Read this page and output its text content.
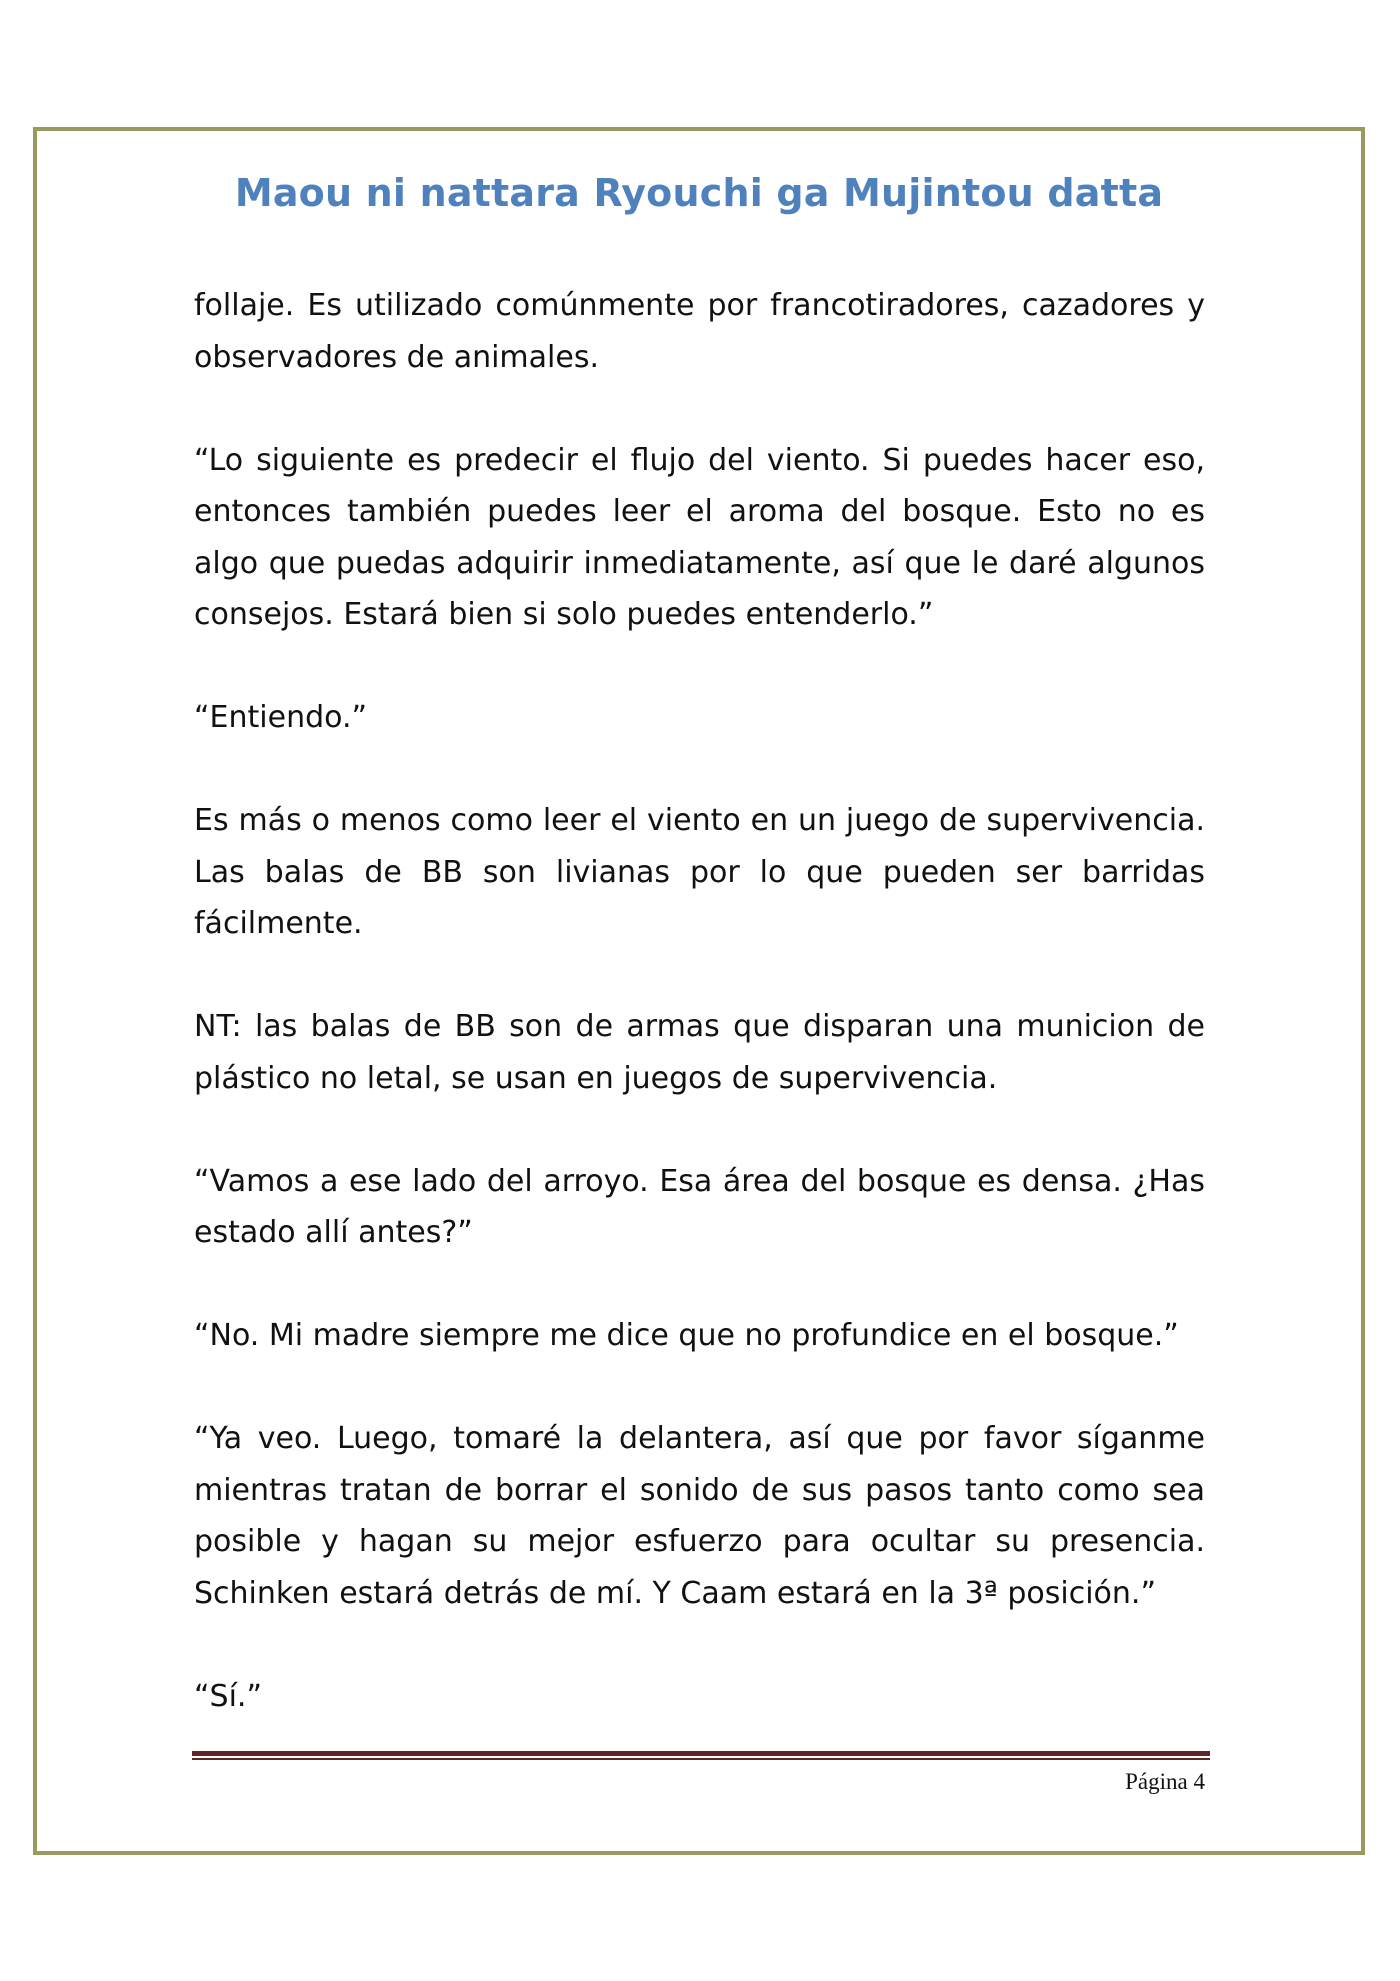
Maou ni nattara Ryouchi ga Mujintou datta

follaje. Es utilizado comúnmente por francotiradores, cazadores y observadores de animales.

“Lo siguiente es predecir el flujo del viento. Si puedes hacer eso, entonces también puedes leer el aroma del bosque. Esto no es algo que puedas adquirir inmediatamente, así que le daré algunos consejos. Estará bien si solo puedes entenderlo.”

“Entiendo.”

Es más o menos como leer el viento en un juego de supervivencia. Las balas de BB son livianas por lo que pueden ser barridas fácilmente.

NT: las balas de BB son de armas que disparan una municion de plástico no letal, se usan en juegos de supervivencia.

“Vamos a ese lado del arroyo. Esa área del bosque es densa. ¿Has estado allí antes?”

“No. Mi madre siempre me dice que no profundice en el bosque.”

“Ya veo. Luego, tomaré la delantera, así que por favor síganme mientras tratan de borrar el sonido de sus pasos tanto como sea posible y hagan su mejor esfuerzo para ocultar su presencia. Schinken estará detrás de mí. Y Caam estará en la 3ª posición.”

“Sí.”

Página 4
